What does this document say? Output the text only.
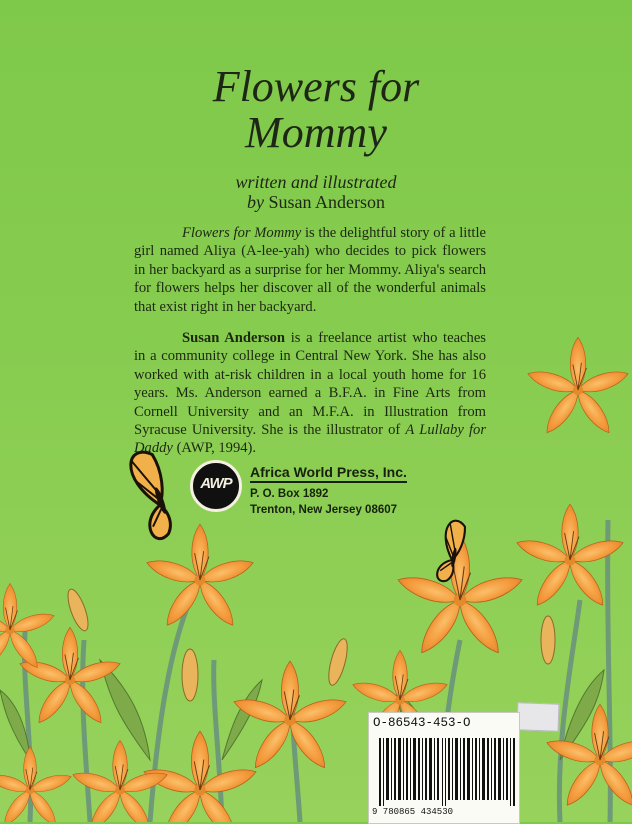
Flowers for
Mommy
written and illustrated
by Susan Anderson
Flowers for Mommy is the delightful story of a little girl named Aliya (A-lee-yah) who decides to pick flowers in her backyard as a surprise for her Mommy. Aliya's search for flowers helps her discover all of the wonderful animals that exist right in her backyard.
Susan Anderson is a freelance artist who teaches in a community college in Central New York. She has also worked with at-risk children in a local youth home for 16 years. Ms. Anderson earned a B.F.A. in Fine Arts from Cornell University and an M.F.A. in Illustration from Syracuse University. She is the illustrator of A Lullaby for Daddy (AWP, 1994).
AWP
Africa World Press, Inc.
P. O. Box 1892
Trenton, New Jersey 08607
O-86543-453-O
9 780865 434530
